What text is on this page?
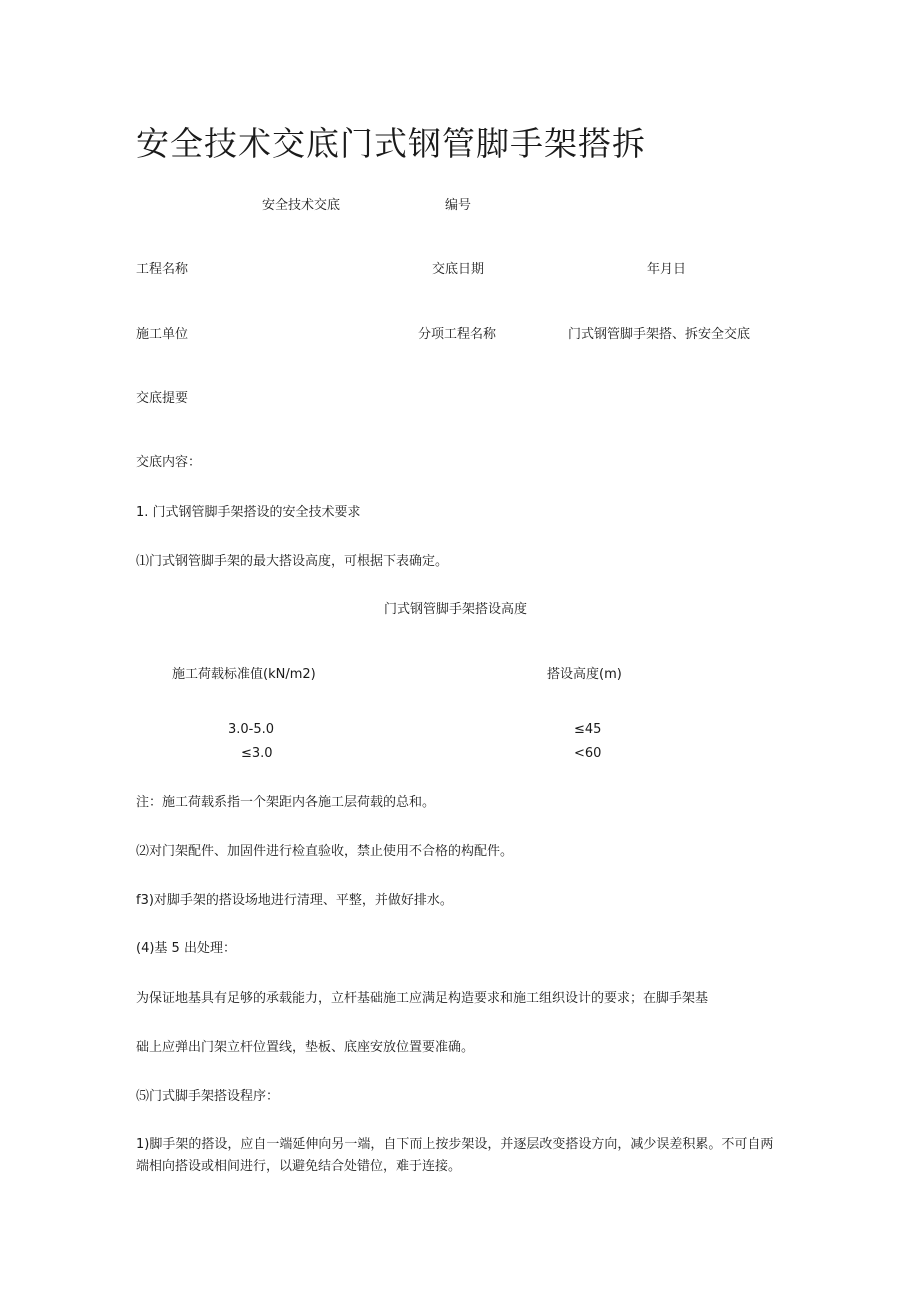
安全技术交底门式钢管脚手架搭拆
安全技术交底	编号
工程名称	交底日期	年月日
施工单位	分项工程名称	门式钢管脚手架搭、拆安全交底
交底提要
交底内容：
1. 门式钢管脚手架搭设的安全技术要求
⑴门式钢管脚手架的最大搭设高度，可根据下表确定。
门式钢管脚手架搭设高度
施工荷载标准值(kN/m2)	搭设高度(m)
3.0-5.0	≤45
≤3.0	<60
注：施工荷载系指一个架距内各施工层荷载的总和。
⑵对门架配件、加固件进行检直验收，禁止使用不合格的构配件。
f3)对脚手架的搭设场地进行清理、平整，并做好排水。
(4)基 5 出处理：
为保证地基具有足够的承载能力，立杆基础施工应满足构造要求和施工组织设计的要求；在脚手架基
础上应弹出门架立杆位置线，垫板、底座安放位置要准确。
⑸门式脚手架搭设程序：
1)脚手架的搭设，应自一端延伸向另一端，自下而上按步架设，并逐层改变搭设方向，减少误差积累。不可自两端相向搭设或相间进行，以避免结合处错位，难于连接。
